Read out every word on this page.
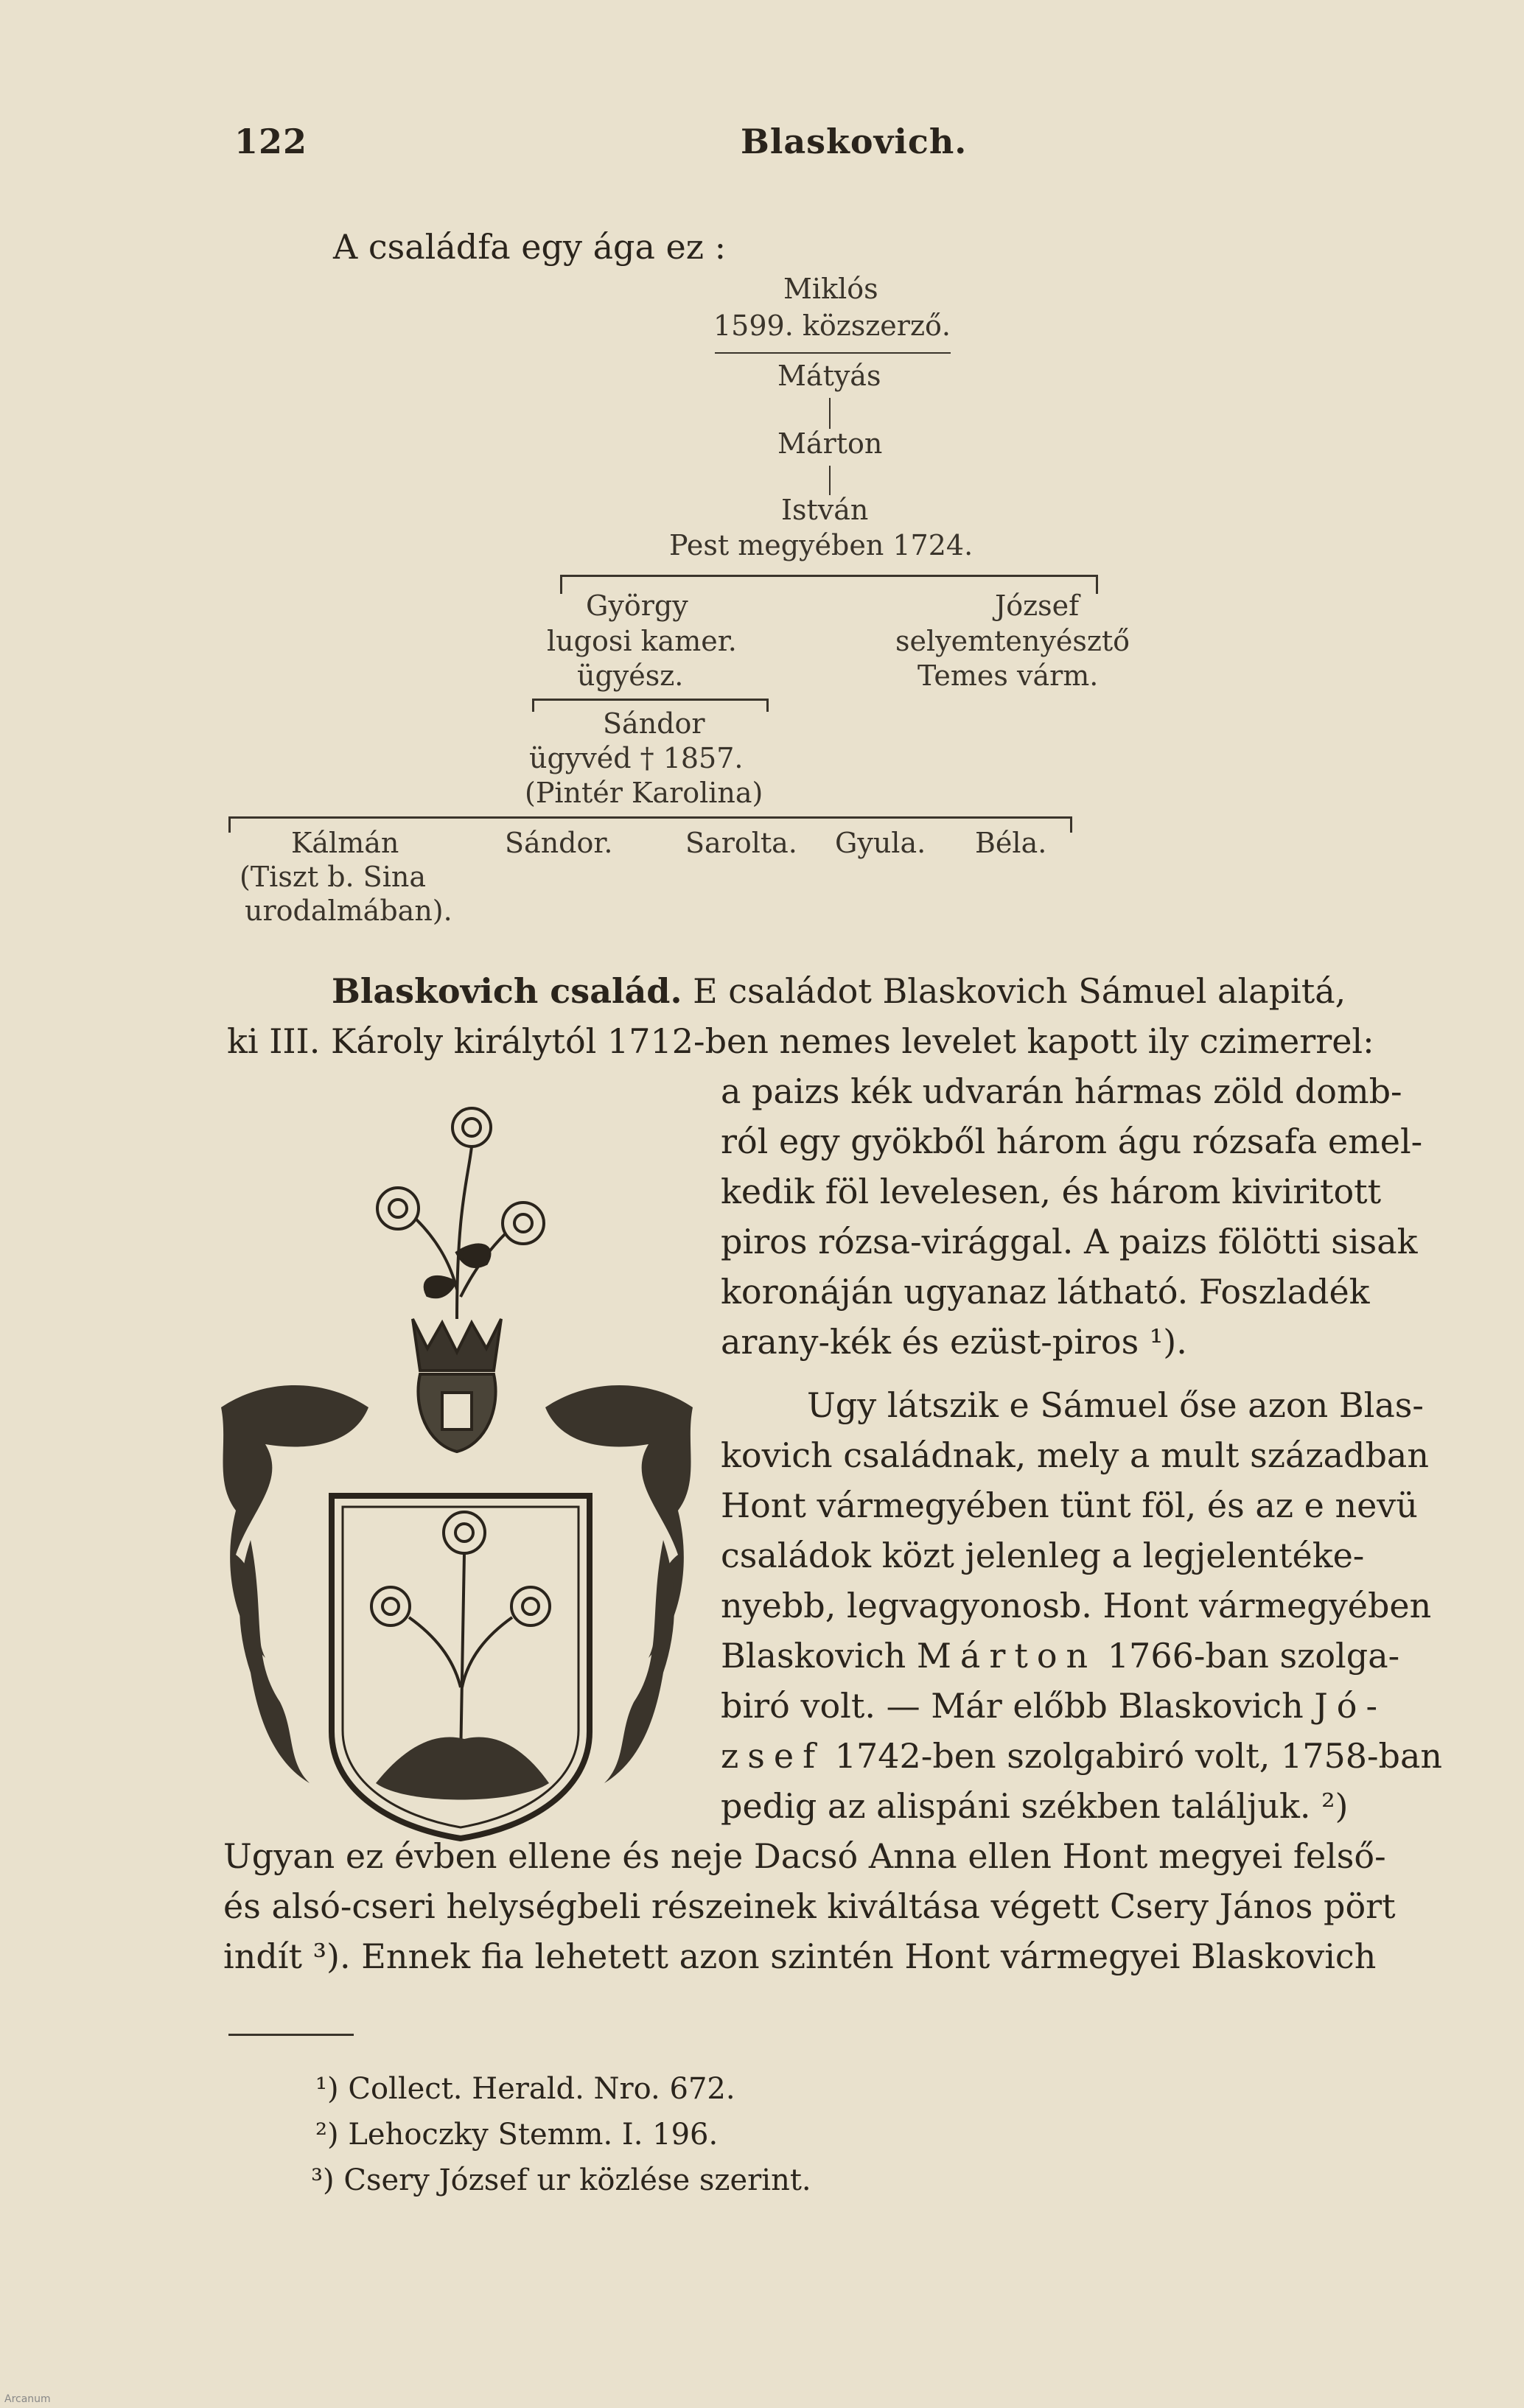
122	Blaskovich.
A családfa egy ága ez :
Miklós
1599. közszerző.
Mátyás
Márton
István
Pest megyében 1724.
György
lugosi kamer.
ügyész.
József
selyemtenyésztő
Temes várm.
Sándor
ügyvéd † 1857.
(Pintér Karolina)
Kálmán	Sándor.	Sarolta. Gyula. Béla.
(Tiszt b. Sina
urodalmában).
Blaskovich család. E családot Blaskovich Sámuel alapitá,
ki III. Károly királytól 1712-ben nemes levelet kapott ily czimerrel:
a paizs kék udvarán hármas zöld domb-
ról egy gyökből három águ rózsafa emel-
kedik föl levelesen, és három kiviritott
piros rózsa-virággal. A paizs fölötti sisak
koronáján ugyanaz látható. Foszladék
arany-kék és ezüst-piros ¹).
Ugy látszik e Sámuel őse azon Blas-
kovich családnak, mely a mult században
Hont vármegyében tünt föl, és az e nevü
családok közt jelenleg a legjelentéke-
nyebb, legvagyonosb. Hont vármegyében
Blaskovich Márton 1766-ban szolga-
biró volt. — Már előbb Blaskovich Jó-
zsef 1742-ben szolgabiró volt, 1758-ban
pedig az alispáni székben találjuk. ²)
Ugyan ez évben ellene és neje Dacsó Anna ellen Hont megyei felső-
és alsó-cseri helységbeli részeinek kiváltása végett Csery János pört
indít ³). Ennek fia lehetett azon szintén Hont vármegyei Blaskovich
¹) Collect. Herald. Nro. 672.
²) Lehoczky Stemm. I. 196.
³) Csery József ur közlése szerint.
Arcanum
